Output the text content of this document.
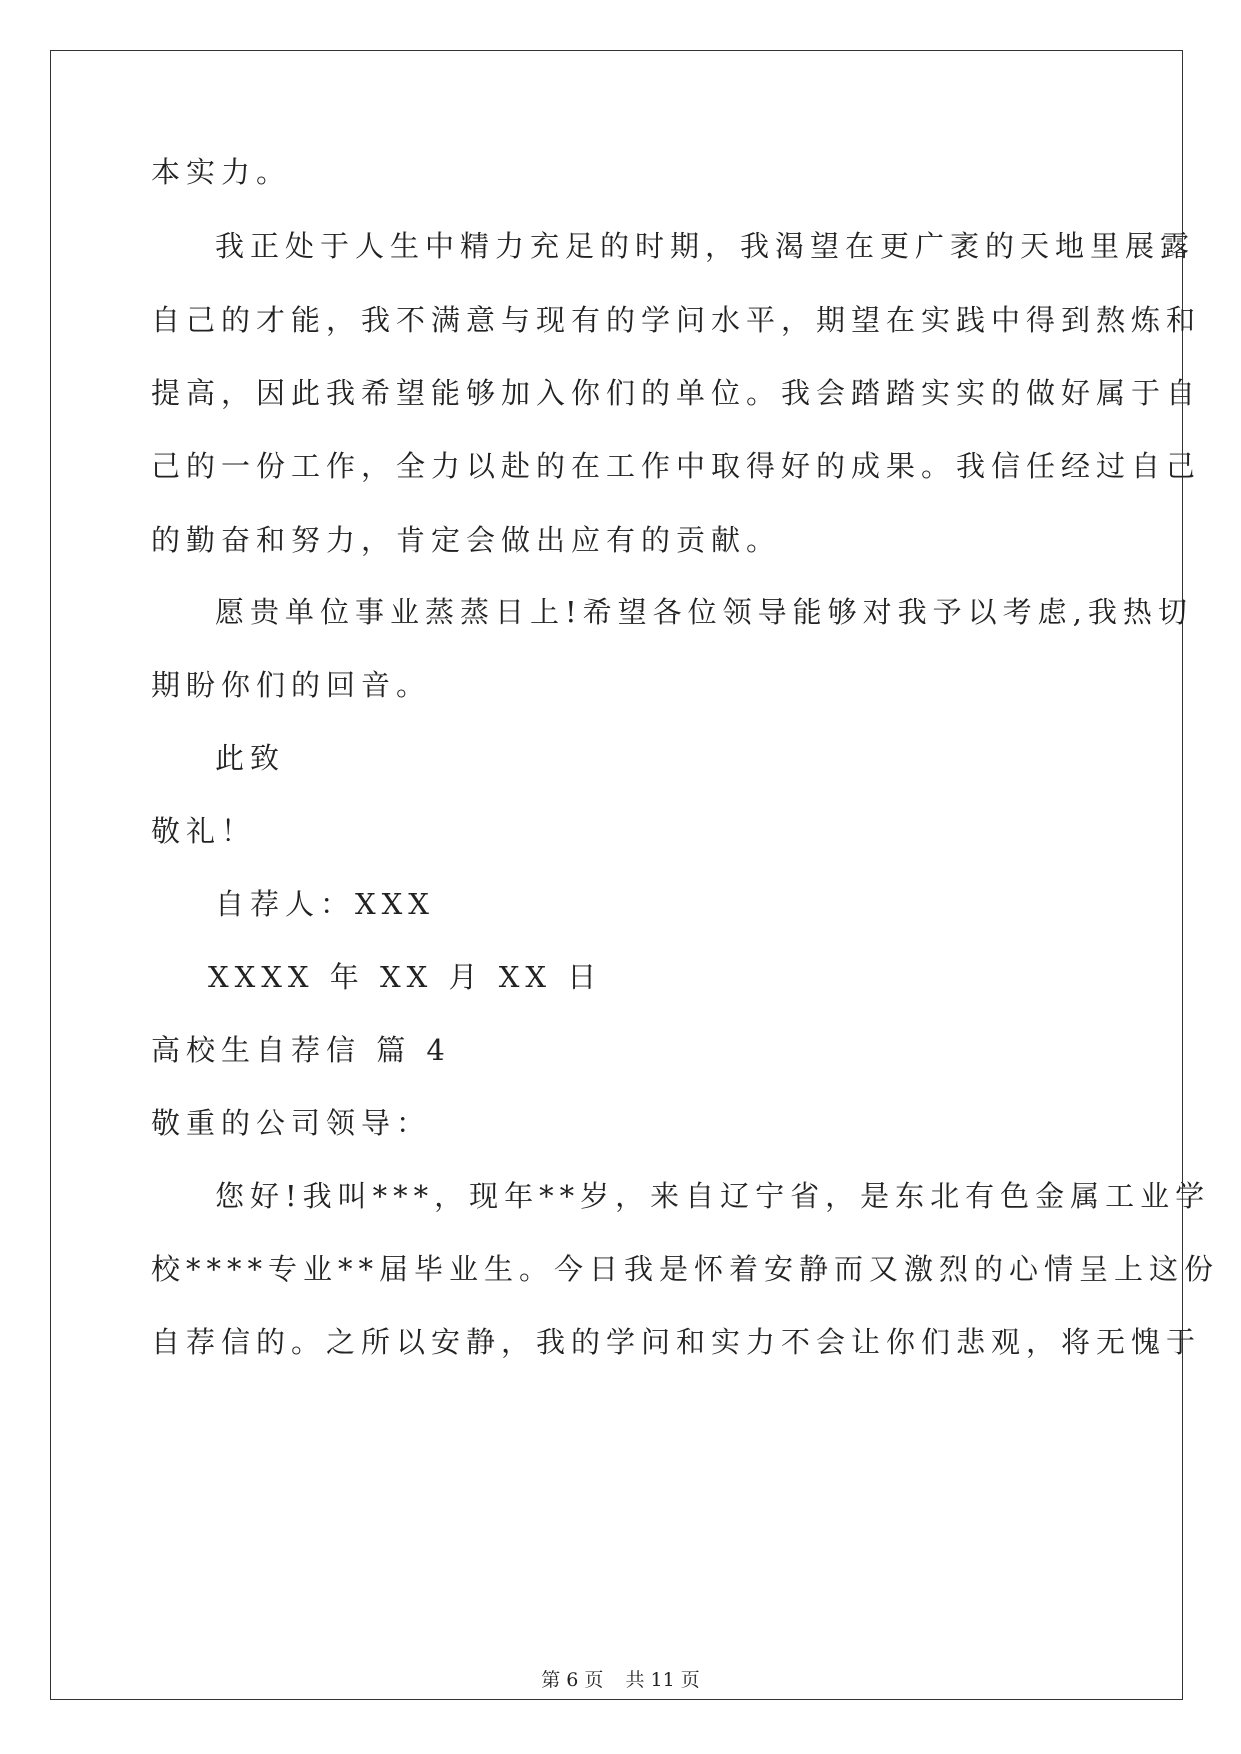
本实力。
我正处于人生中精力充足的时期，我渴望在更广袤的天地里展露
自己的才能，我不满意与现有的学问水平，期望在实践中得到熬炼和
提高，因此我希望能够加入你们的单位。我会踏踏实实的做好属于自
己的一份工作，全力以赴的在工作中取得好的成果。我信任经过自己
的勤奋和努力，肯定会做出应有的贡献。
愿贵单位事业蒸蒸日上!希望各位领导能够对我予以考虑,我热切
期盼你们的回音。
此致
敬礼！
自荐人：XXX
XXXX 年 XX 月 XX 日
高校生自荐信 篇 4
敬重的公司领导：
您好!我叫***，现年**岁，来自辽宁省，是东北有色金属工业学
校****专业**届毕业生。今日我是怀着安静而又激烈的心情呈上这份
自荐信的。之所以安静，我的学问和实力不会让你们悲观，将无愧于
第 6 页 共 11 页
